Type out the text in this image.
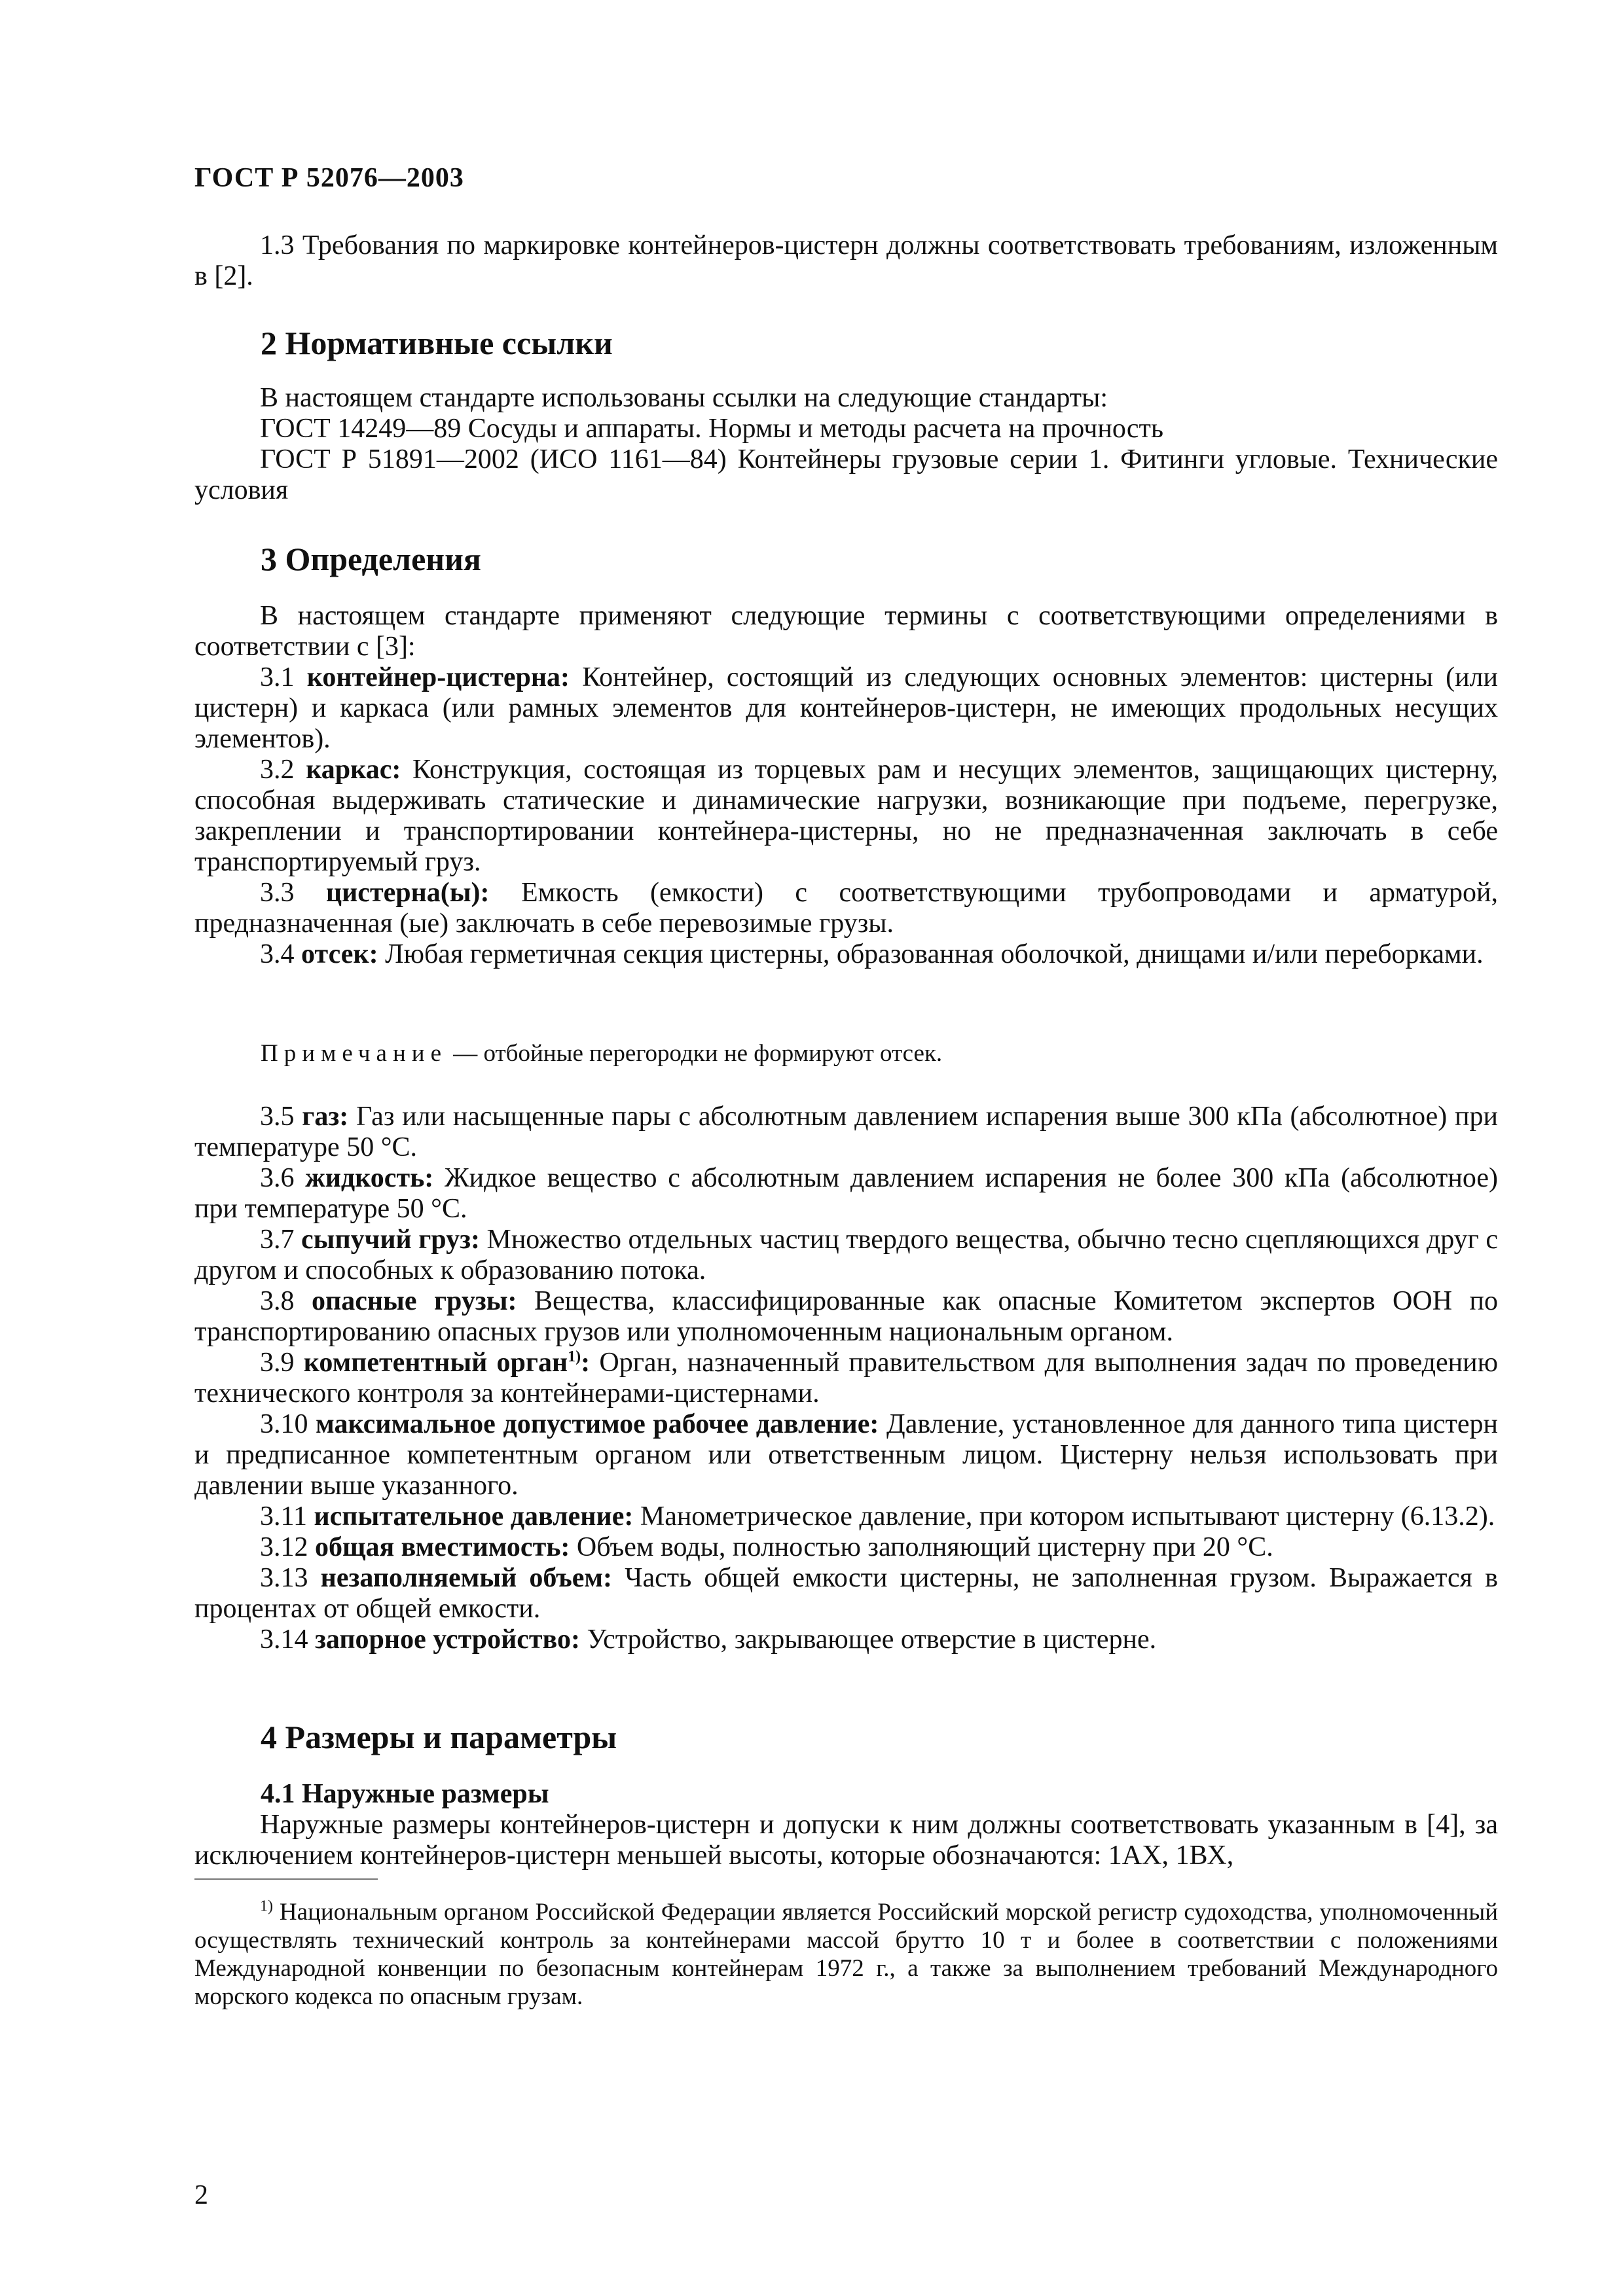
ГОСТ Р 52076—2003
1.3 Требования по маркировке контейнеров-цистерн должны соответствовать требованиям, изложенным в [2].
2 Нормативные ссылки

В настоящем стандарте использованы ссылки на следующие стандарты:

ГОСТ 14249—89 Сосуды и аппараты. Нормы и методы расчета на прочность

ГОСТ Р 51891—2002 (ИСО 1161—84) Контейнеры грузовые серии 1. Фитинги угловые. Технические условия

3 Определения

В настоящем стандарте применяют следующие термины с соответствующими определениями в соответствии с [3]:

3.1 контейнер-цистерна: Контейнер, состоящий из следующих основных элементов: цистерны (или цистерн) и каркаса (или рамных элементов для контейнеров-цистерн, не имеющих продольных несущих элементов).

3.2 каркас: Конструкция, состоящая из торцевых рам и несущих элементов, защищающих цистерну, способная выдерживать статические и динамические нагрузки, возникающие при подъеме, перегрузке, закреплении и транспортировании контейнера-цистерны, но не предназначенная заключать в себе транспортируемый груз.

3.3 цистерна(ы): Емкость (емкости) с соответствующими трубопроводами и арматурой, предназначенная (ые) заключать в себе перевозимые грузы.

3.4 отсек: Любая герметичная секция цистерны, образованная оболочкой, днищами и/или переборками.

Примечание — отбойные перегородки не формируют отсек.

3.5 газ: Газ или насыщенные пары с абсолютным давлением испарения выше 300 кПа (абсолютное) при температуре 50 °С.

3.6 жидкость: Жидкое вещество с абсолютным давлением испарения не более 300 кПа (абсолютное) при температуре 50 °С.

3.7 сыпучий груз: Множество отдельных частиц твердого вещества, обычно тесно сцепляющихся друг с другом и способных к образованию потока.

3.8 опасные грузы: Вещества, классифицированные как опасные Комитетом экспертов ООН по транспортированию опасных грузов или уполномоченным национальным органом.

3.9 компетентный орган$^{1)}$: Орган, назначенный правительством для выполнения задач по проведению технического контроля за контейнерами-цистернами.

3.10 максимальное допустимое рабочее давление: Давление, установленное для данного типа цистерн и предписанное компетентным органом или ответственным лицом. Цистерну нельзя использовать при давлении выше указанного.

3.11 испытательное давление: Манометрическое давление, при котором испытывают цистерну (6.13.2).

3.12 общая вместимость: Объем воды, полностью заполняющий цистерну при 20 °С.

3.13 незаполняемый объем: Часть общей емкости цистерны, не заполненная грузом. Выражается в процентах от общей емкости.

3.14 запорное устройство: Устройство, закрывающее отверстие в цистерне.

4 Размеры и параметры
4.1 Наружные размеры
Наружные размеры контейнеров-цистерн и допуски к ним должны соответствовать указанным в [4], за исключением контейнеров-цистерн меньшей высоты, которые обозначаются: 1АХ, 1ВХ,
$^{1)}$ Национальным органом Российской Федерации является Российский морской регистр судоходства, уполномоченный осуществлять технический контроль за контейнерами массой брутто 10 т и более в соответствии с положениями Международной конвенции по безопасным контейнерам 1972 г., а также за выполнением требований Международного морского кодекса по опасным грузам.
2
